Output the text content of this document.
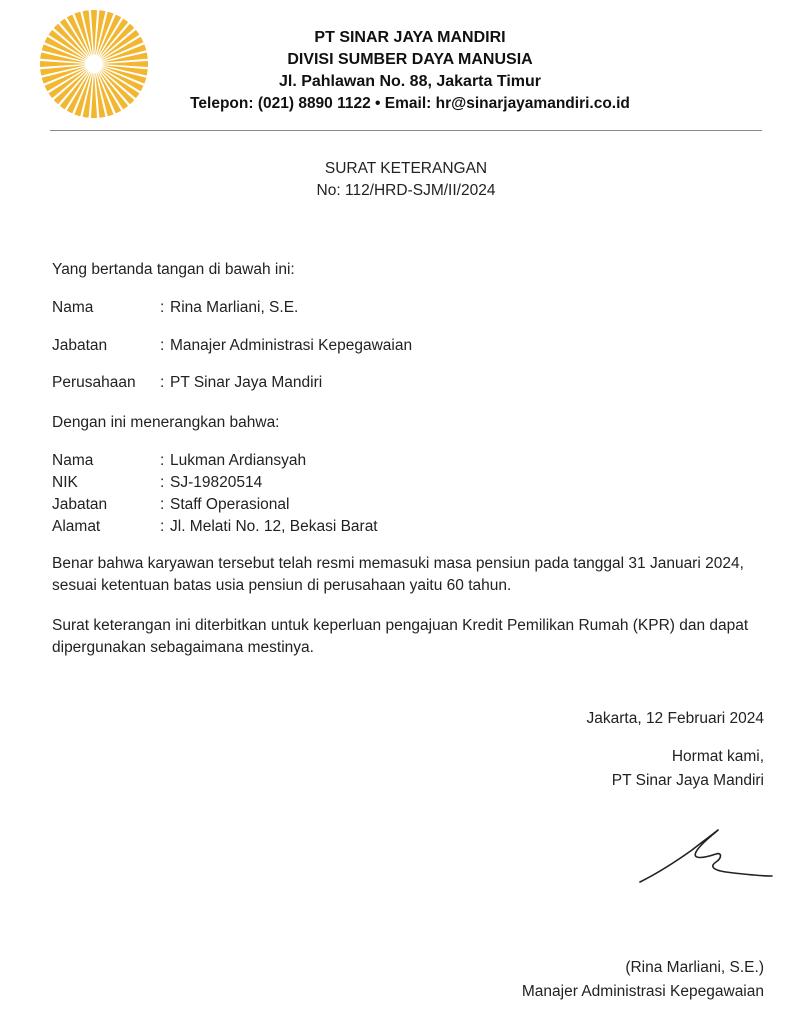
PT SINAR JAYA MANDIRI
DIVISI SUMBER DAYA MANUSIA
Jl. Pahlawan No. 88, Jakarta Timur
Telepon: (021) 8890 1122 • Email: hr@sinarjayamandiri.co.id
SURAT KETERANGAN
No: 112/HRD-SJM/II/2024
Yang bertanda tangan di bawah ini:
Nama	: Rina Marliani, S.E.
Jabatan	: Manajer Administrasi Kepegawaian
Perusahaan : PT Sinar Jaya Mandiri
Dengan ini menerangkan bahwa:
Nama	: Lukman Ardiansyah
NIK	: SJ-19820514
Jabatan	: Staff Operasional
Alamat	: Jl. Melati No. 12, Bekasi Barat
Benar bahwa karyawan tersebut telah resmi memasuki masa pensiun pada tanggal 31 Januari 2024, sesuai ketentuan batas usia pensiun di perusahaan yaitu 60 tahun.
Surat keterangan ini diterbitkan untuk keperluan pengajuan Kredit Pemilikan Rumah (KPR) dan dapat dipergunakan sebagaimana mestinya.
Jakarta, 12 Februari 2024
Hormat kami,
PT Sinar Jaya Mandiri
(Rina Marliani, S.E.)
Manajer Administrasi Kepegawaian
